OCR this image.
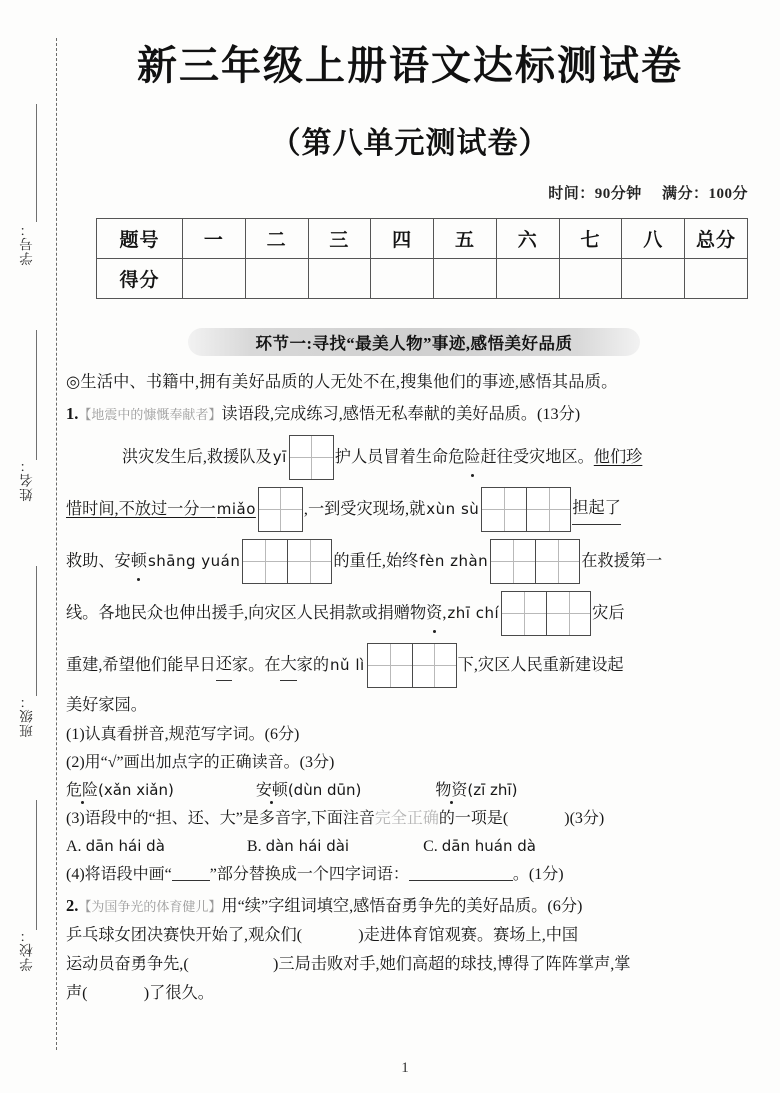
学号：
姓名：
班级：
学校：
新三年级上册语文达标测试卷
（第八单元测试卷）
时间：90分钟 满分：100分
题号	一	二	三	四	五	六	七	八	总分
得分									
环节一:寻找“最美人物”事迹,感悟美好品质
◎生活中、书籍中,拥有美好品质的人无处不在,搜集他们的事迹,感悟其品质。
1.【地震中的慷慨奉献者】读语段,完成练习,感悟无私奉献的美好品质。(13分)
洪灾发生后,救援队及 yī	护人员冒着生命危 险 赶往受灾地区。 他们珍
惜时间,不放过一分一 miǎo	,一到受灾现场,就 xùn sù	担起了
救助、安 顿 shāng yuán	的重任,始终 fèn zhàn	在救援第一
线。各地民众也伸出援手,向灾区人民捐款或捐赠物 资 , zhī chí	灾后
重建,希望他们能早日 还 家。在 大 家的 nǔ lì	下,灾区人民重新建设起
美好家园。
(1)认真看拼音,规范写字词。(6分)
(2)用“√”画出加点字的正确读音。(3分)
危险(xǎn xiǎn)	安顿(dùn dūn)	物资(zī zhī)
(3)语段中的“担、还、大”是多音字,下面注音完全正确的一项是(	)(3分)
A. dān hái dà	B. dàn hái dài	C. dān huán dà
(4)将语段中画“ ”部分替换成一个四字词语：	。(1分)
2.【为国争光的体育健儿】用“续”字组词填空,感悟奋勇争先的美好品质。(6分)
乒乓球女团决赛快开始了,观众们(	)走进体育馆观赛。赛场上,中国
运动员奋勇争先,(	)三局击败对手,她们高超的球技,博得了阵阵掌声,掌
声(	)了很久。
1
